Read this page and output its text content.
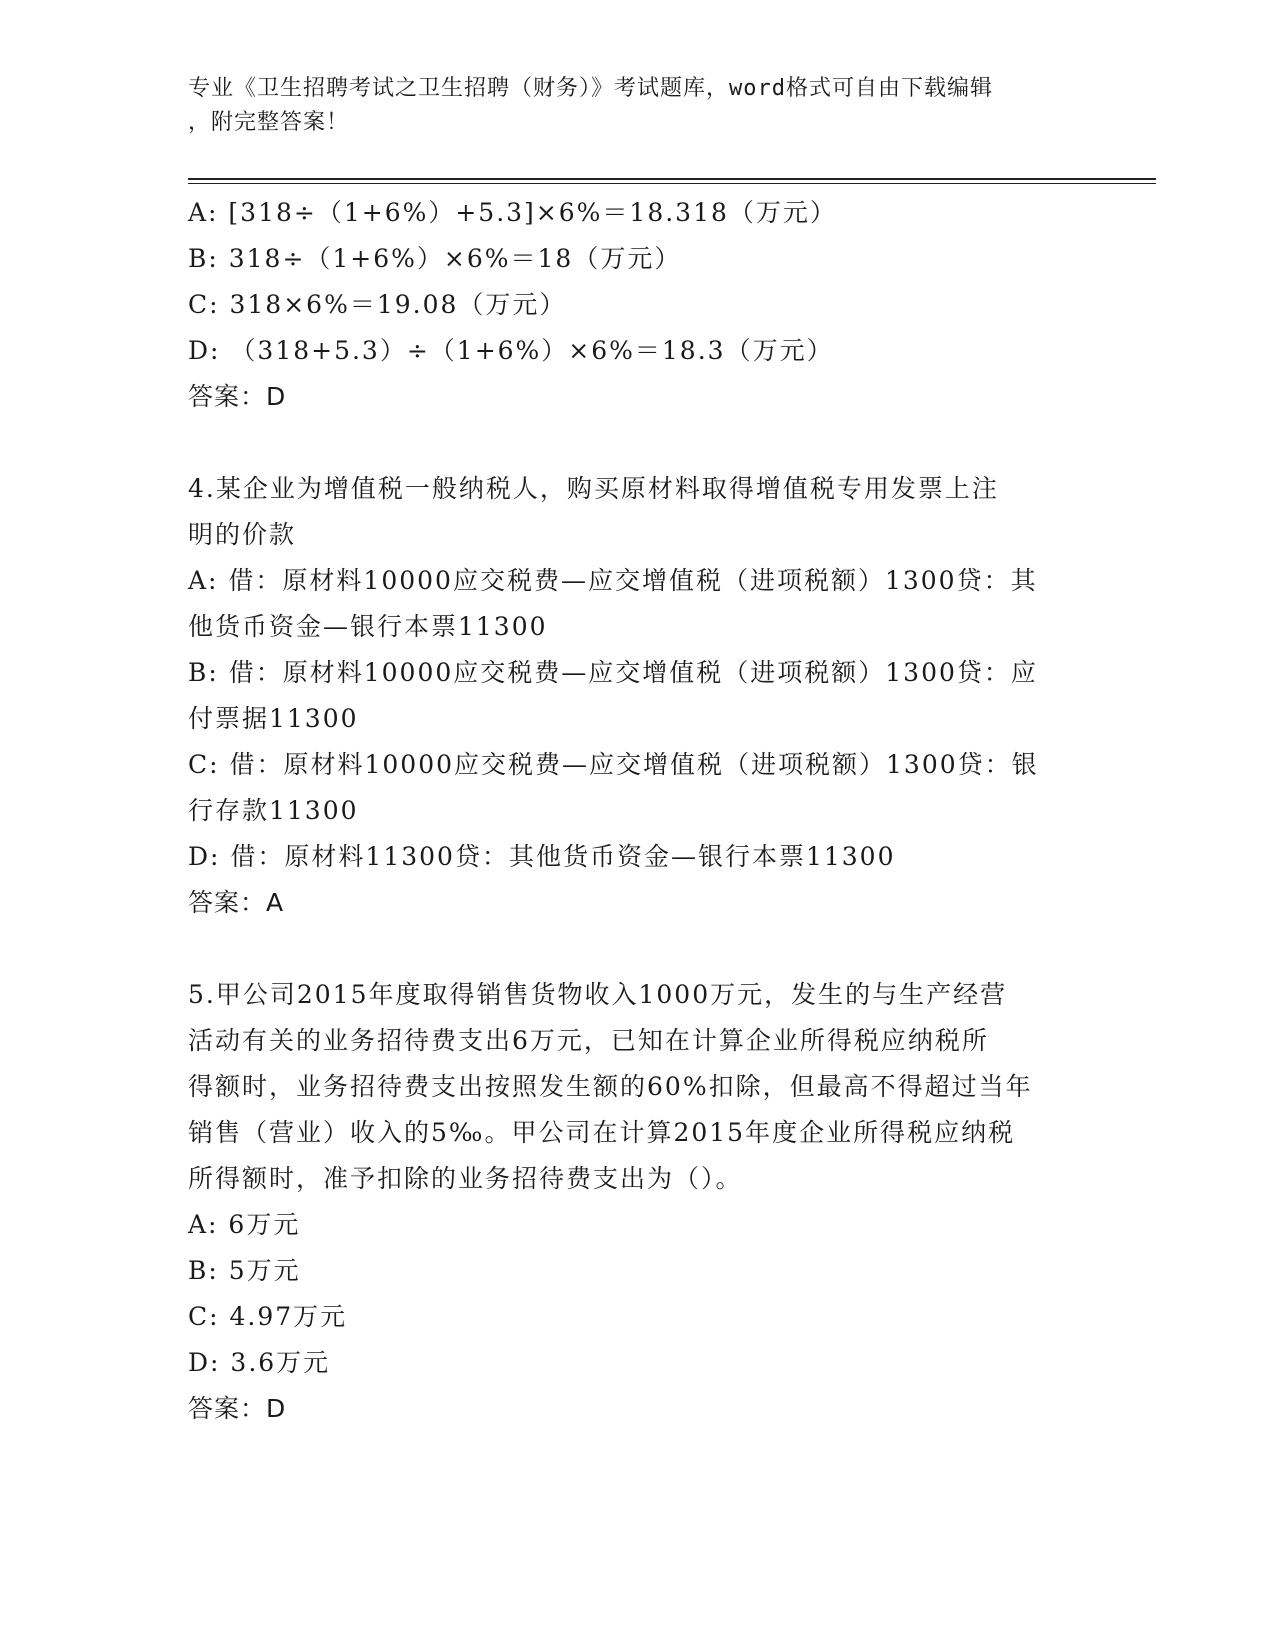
专业《卫生招聘考试之卫生招聘（财务）》考试题库，word格式可自由下载编辑
，附完整答案！
A: [318÷（1+6%）+5.3]×6%＝18.318（万元）
B: 318÷（1+6%）×6%＝18（万元）
C: 318×6%＝19.08（万元）
D: （318+5.3）÷（1+6%）×6%＝18.3（万元）
答案：D
4.某企业为增值税一般纳税人，购买原材料取得增值税专用发票上注
明的价款
A: 借：原材料10000应交税费—应交增值税（进项税额）1300贷：其
他货币资金—银行本票11300
B: 借：原材料10000应交税费—应交增值税（进项税额）1300贷：应
付票据11300
C: 借：原材料10000应交税费—应交增值税（进项税额）1300贷：银
行存款11300
D: 借：原材料11300贷：其他货币资金—银行本票11300
答案：A
5.甲公司2015年度取得销售货物收入1000万元，发生的与生产经营
活动有关的业务招待费支出6万元，已知在计算企业所得税应纳税所
得额时，业务招待费支出按照发生额的60%扣除，但最高不得超过当年
销售（营业）收入的5‰。甲公司在计算2015年度企业所得税应纳税
所得额时，准予扣除的业务招待费支出为（）。
A: 6万元
B: 5万元
C: 4.97万元
D: 3.6万元
答案：D
